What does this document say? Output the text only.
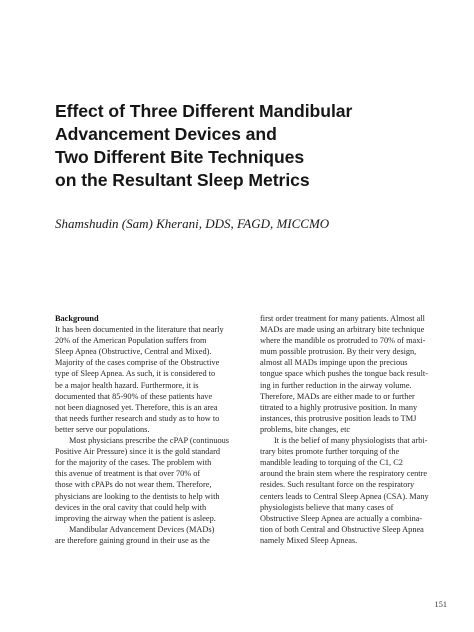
Effect of Three Different Mandibular
Advancement Devices and
Two Different Bite Techniques
on the Resultant Sleep Metrics
Shamshudin (Sam) Kherani, DDS, FAGD, MICCMO
Background
It has been documented in the literature that nearly
20% of the American Population suffers from
Sleep Apnea (Obstructive, Central and Mixed).
Majority of the cases comprise of the Obstructive
type of Sleep Apnea. As such, it is considered to
be a major health hazard. Furthermore, it is
documented that 85-90% of these patients have
not been diagnosed yet. Therefore, this is an area
that needs further research and study as to how to
better serve our populations.
Most physicians prescribe the cPAP (continuous
Positive Air Pressure) since it is the gold standard
for the majority of the cases. The problem with
this avenue of treatment is that over 70% of
those with cPAPs do not wear them. Therefore,
physicians are looking to the dentists to help with
devices in the oral cavity that could help with
improving the airway when the patient is asleep.
Mandibular Advancement Devices (MADs)
are therefore gaining ground in their use as the
first order treatment for many patients. Almost all
MADs are made using an arbitrary bite technique
where the mandible os protruded to 70% of maxi-
mum possible protrusion. By their very design,
almost all MADs impinge upon the precious
tongue space which pushes the tongue back result-
ing in further reduction in the airway volume.
Therefore, MADs are either made to or further
titrated to a highly protrusive position. In many
instances, this protrusive position leads to TMJ
problems, bite changes, etc
It is the belief of many physiologists that arbi-
trary bites promote further torquing of the
mandible leading to torquing of the C1, C2
around the brain stem where the respiratory centre
resides. Such resultant force on the respiratory
centers leads to Central Sleep Apnea (CSA). Many
physiologists believe that many cases of
Obstructive Sleep Apnea are actually a combina-
tion of both Central and Obstructive Sleep Apnea
namely Mixed Sleep Apneas.
151
